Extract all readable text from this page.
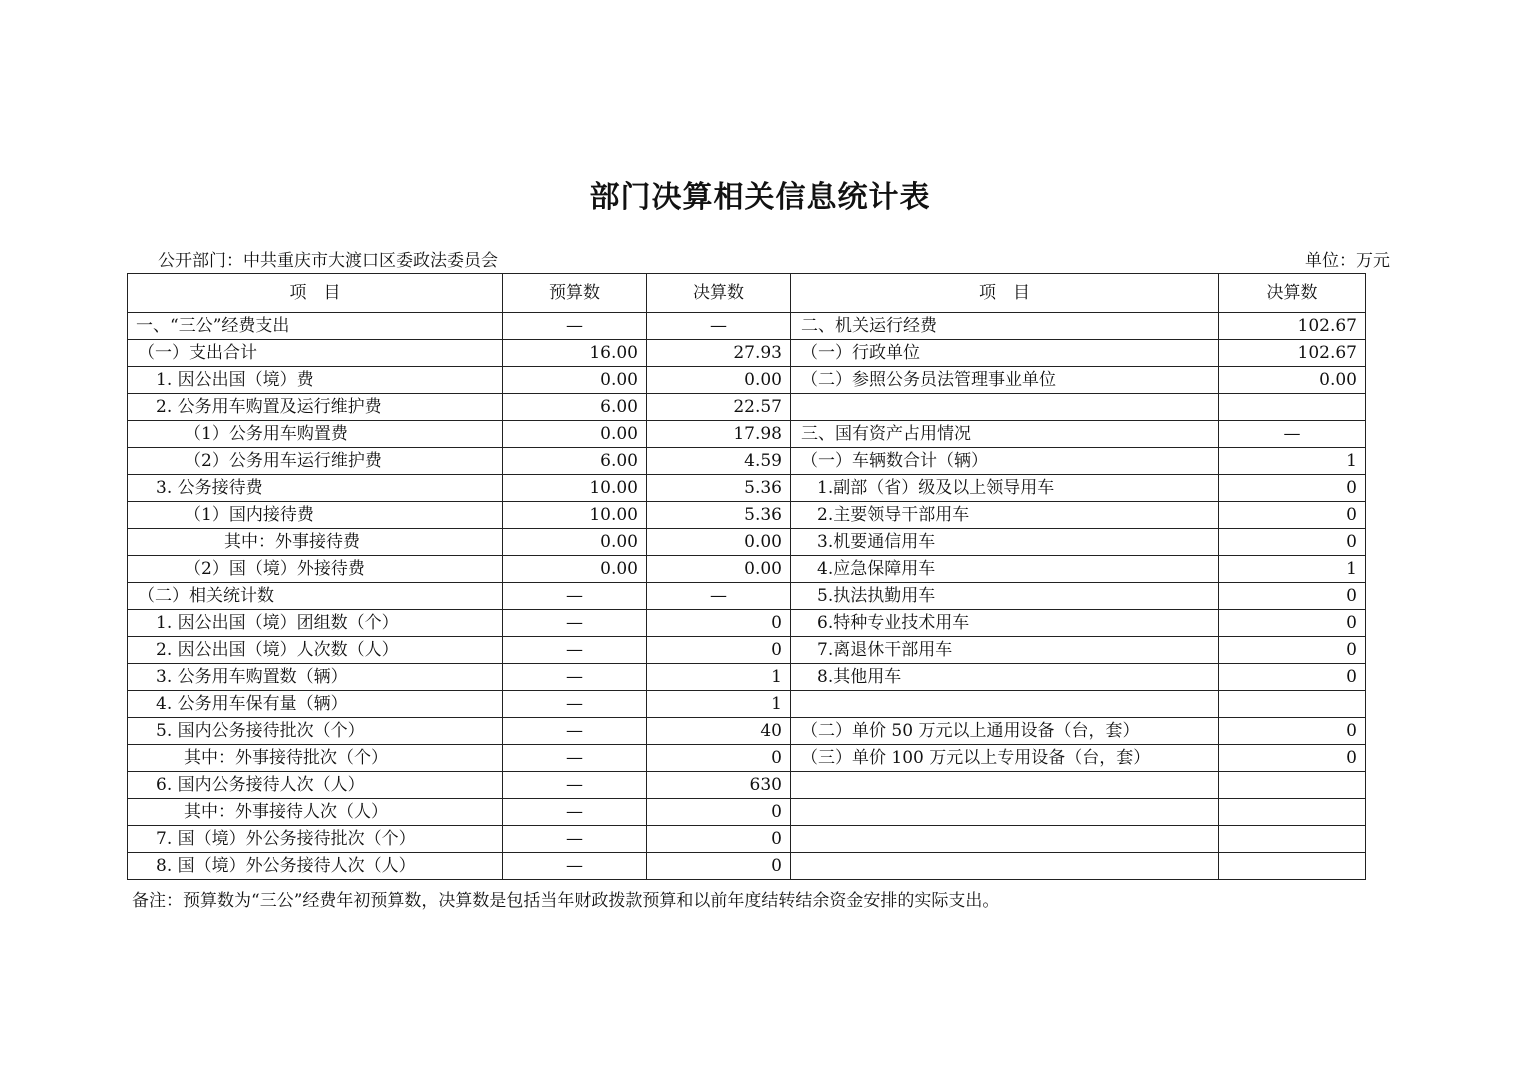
部门决算相关信息统计表
公开部门：中共重庆市大渡口区委政法委员会	单位：万元
项　目	预算数	决算数	项　目	决算数
一、“三公”经费支出	—	—	二、机关运行经费	102.67
（一）支出合计	16.00	27.93	（一）行政单位	102.67
1. 因公出国（境）费	0.00	0.00	（二）参照公务员法管理事业单位	0.00
2. 公务用车购置及运行维护费	6.00	22.57		
（1）公务用车购置费	0.00	17.98	三、国有资产占用情况	—
（2）公务用车运行维护费	6.00	4.59	（一）车辆数合计（辆）	1
3. 公务接待费	10.00	5.36	1.副部（省）级及以上领导用车	0
（1）国内接待费	10.00	5.36	2.主要领导干部用车	0
其中：外事接待费	0.00	0.00	3.机要通信用车	0
（2）国（境）外接待费	0.00	0.00	4.应急保障用车	1
（二）相关统计数	—	—	5.执法执勤用车	0
1. 因公出国（境）团组数（个）	—	0	6.特种专业技术用车	0
2. 因公出国（境）人次数（人）	—	0	7.离退休干部用车	0
3. 公务用车购置数（辆）	—	1	8.其他用车	0
4. 公务用车保有量（辆）	—	1		
5. 国内公务接待批次（个）	—	40	（二）单价 50 万元以上通用设备（台，套）	0
其中：外事接待批次（个）	—	0	（三）单价 100 万元以上专用设备（台，套）	0
6. 国内公务接待人次（人）	—	630		
其中：外事接待人次（人）	—	0		
7. 国（境）外公务接待批次（个）	—	0		
8. 国（境）外公务接待人次（人）	—	0		
备注：预算数为“三公”经费年初预算数，决算数是包括当年财政拨款预算和以前年度结转结余资金安排的实际支出。
